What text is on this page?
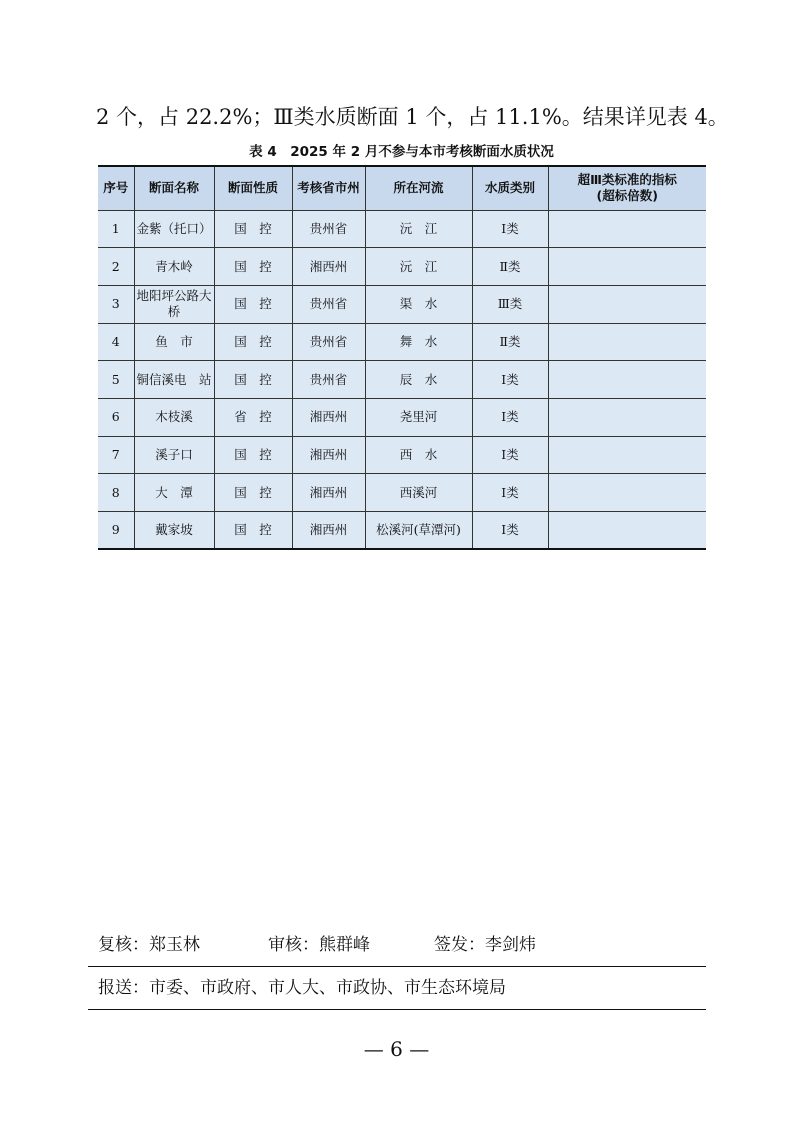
2 个，占 22.2%；Ⅲ类水质断面 1 个，占 11.1%。结果详见表 4。
表 4　2025 年 2 月不参与本市考核断面水质状况
序号	断面名称	断面性质	考核省市州	所在河流	水质类别	超Ⅲ类标准的指标
(超标倍数)

1	金紫（托口）	国　控	贵州省	沅　江	Ⅰ类	
2	青木岭	国　控	湘西州	沅　江	Ⅱ类	
3	地阳坪公路大桥	国　控	贵州省	渠　水	Ⅲ类	
4	鱼　市	国　控	贵州省	舞　水	Ⅱ类	
5	铜信溪电　站	国　控	贵州省	辰　水	Ⅰ类	
6	木枝溪	省　控	湘西州	尧里河	Ⅰ类	
7	溪子口	国　控	湘西州	西　水	Ⅰ类	
8	大　潭	国　控	湘西州	西溪河	Ⅰ类	
9	戴家坡	国　控	湘西州	松溪河(草潭河)	Ⅰ类	
复核：郑玉林	审核：熊群峰	签发：李剑炜
报送：市委、市政府、市人大、市政协、市生态环境局
— 6 —
